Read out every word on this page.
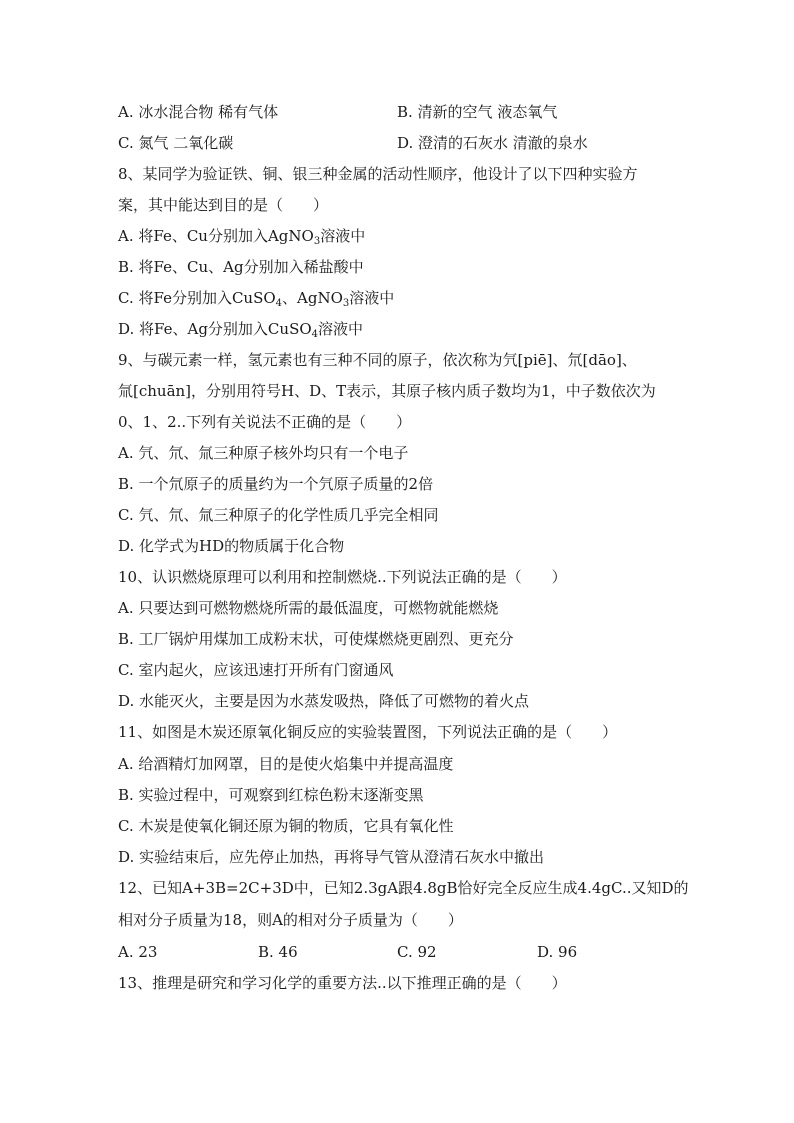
A. 冰水混合物 稀有气体	B. 清新的空气 液态氧气
C. 氮气 二氧化碳	D. 澄清的石灰水 清澈的泉水
8、某同学为验证铁、铜、银三种金属的活动性顺序，他设计了以下四种实验方
案，其中能达到目的是（　　）
A. 将Fe、Cu分别加入AgNO$_3$溶液中
B. 将Fe、Cu、Ag分别加入稀盐酸中
C. 将Fe分别加入CuSO$_4$、AgNO$_3$溶液中
D. 将Fe、Ag分别加入CuSO$_4$溶液中
9、与碳元素一样，氢元素也有三种不同的原子，依次称为氕[piē]、氘[dāo]、
氚[chuān]，分别用符号H、D、T表示，其原子核内质子数均为1，中子数依次为
0、1、2..下列有关说法不正确的是（　　）
A. 氕、氘、氚三种原子核外均只有一个电子
B. 一个氘原子的质量约为一个氕原子质量的2倍
C. 氕、氘、氚三种原子的化学性质几乎完全相同
D. 化学式为HD的物质属于化合物
10、认识燃烧原理可以利用和控制燃烧..下列说法正确的是（　　）
A. 只要达到可燃物燃烧所需的最低温度，可燃物就能燃烧
B. 工厂锅炉用煤加工成粉末状，可使煤燃烧更剧烈、更充分
C. 室内起火，应该迅速打开所有门窗通风
D. 水能灭火，主要是因为水蒸发吸热，降低了可燃物的着火点
11、如图是木炭还原氧化铜反应的实验装置图，下列说法正确的是（　　）
A. 给酒精灯加网罩，目的是使火焰集中并提高温度
B. 实验过程中，可观察到红棕色粉末逐渐变黑
C. 木炭是使氧化铜还原为铜的物质，它具有氧化性
D. 实验结束后，应先停止加热，再将导气管从澄清石灰水中撤出
12、已知A+3B=2C+3D中，已知2.3gA跟4.8gB恰好完全反应生成4.4gC..又知D的
相对分子质量为18，则A的相对分子质量为（　　）
A. 23	B. 46	C. 92	D. 96
13、推理是研究和学习化学的重要方法..以下推理正确的是（　　）
